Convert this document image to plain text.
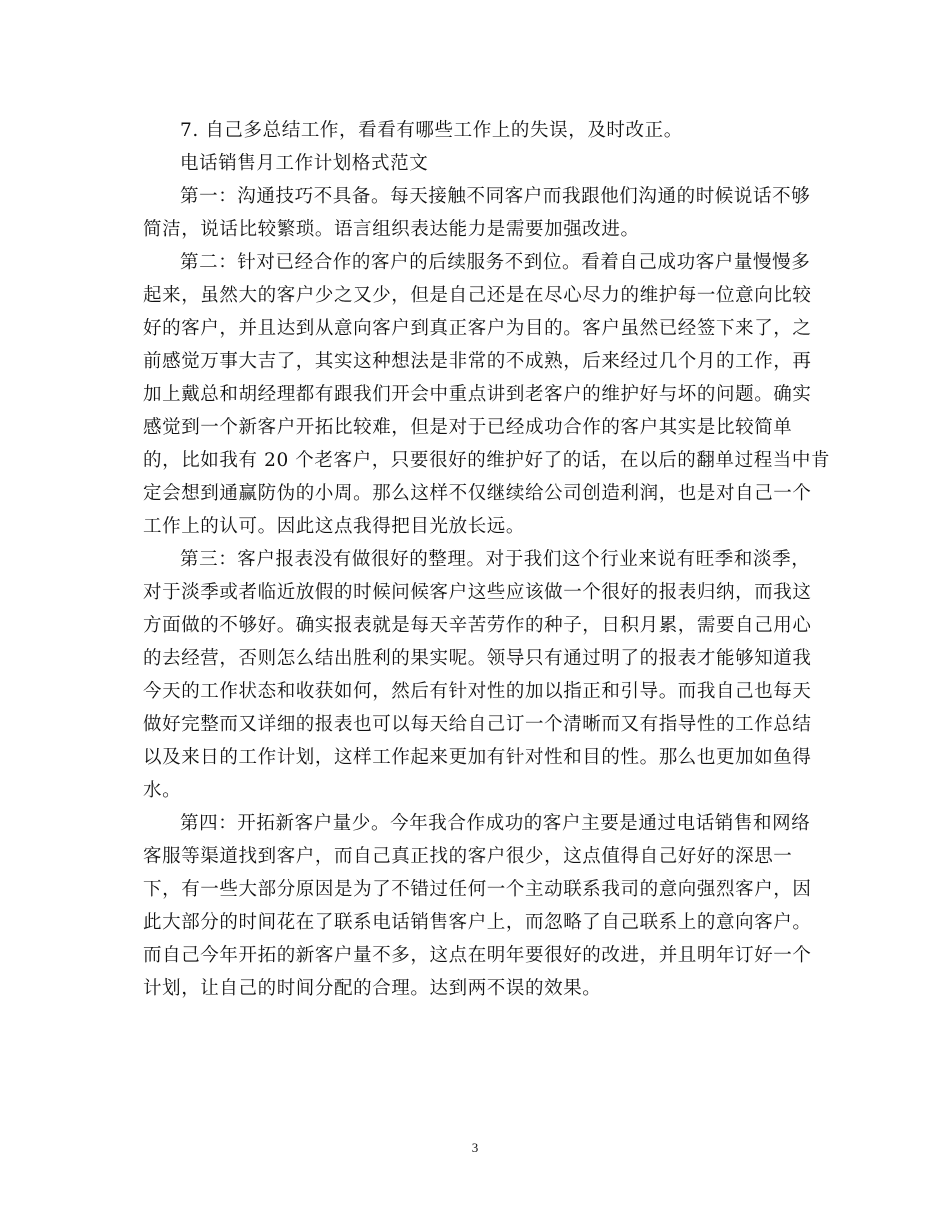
7. 自己多总结工作，看看有哪些工作上的失误，及时改正。
电话销售月工作计划格式范文
第一：沟通技巧不具备。每天接触不同客户而我跟他们沟通的时候说话不够
简洁，说话比较繁琐。语言组织表达能力是需要加强改进。
第二：针对已经合作的客户的后续服务不到位。看着自己成功客户量慢慢多
起来，虽然大的客户少之又少，但是自己还是在尽心尽力的维护每一位意向比较
好的客户，并且达到从意向客户到真正客户为目的。客户虽然已经签下来了，之
前感觉万事大吉了，其实这种想法是非常的不成熟，后来经过几个月的工作，再
加上戴总和胡经理都有跟我们开会中重点讲到老客户的维护好与坏的问题。确实
感觉到一个新客户开拓比较难，但是对于已经成功合作的客户其实是比较简单
的，比如我有 20 个老客户，只要很好的维护好了的话，在以后的翻单过程当中肯
定会想到通赢防伪的小周。那么这样不仅继续给公司创造利润，也是对自己一个
工作上的认可。因此这点我得把目光放长远。
第三：客户报表没有做很好的整理。对于我们这个行业来说有旺季和淡季，
对于淡季或者临近放假的时候问候客户这些应该做一个很好的报表归纳，而我这
方面做的不够好。确实报表就是每天辛苦劳作的种子，日积月累，需要自己用心
的去经营，否则怎么结出胜利的果实呢。领导只有通过明了的报表才能够知道我
今天的工作状态和收获如何，然后有针对性的加以指正和引导。而我自己也每天
做好完整而又详细的报表也可以每天给自己订一个清晰而又有指导性的工作总结
以及来日的工作计划，这样工作起来更加有针对性和目的性。那么也更加如鱼得
水。
第四：开拓新客户量少。今年我合作成功的客户主要是通过电话销售和网络
客服等渠道找到客户，而自己真正找的客户很少，这点值得自己好好的深思一
下，有一些大部分原因是为了不错过任何一个主动联系我司的意向强烈客户，因
此大部分的时间花在了联系电话销售客户上，而忽略了自己联系上的意向客户。
而自己今年开拓的新客户量不多，这点在明年要很好的改进，并且明年订好一个
计划，让自己的时间分配的合理。达到两不误的效果。
3
